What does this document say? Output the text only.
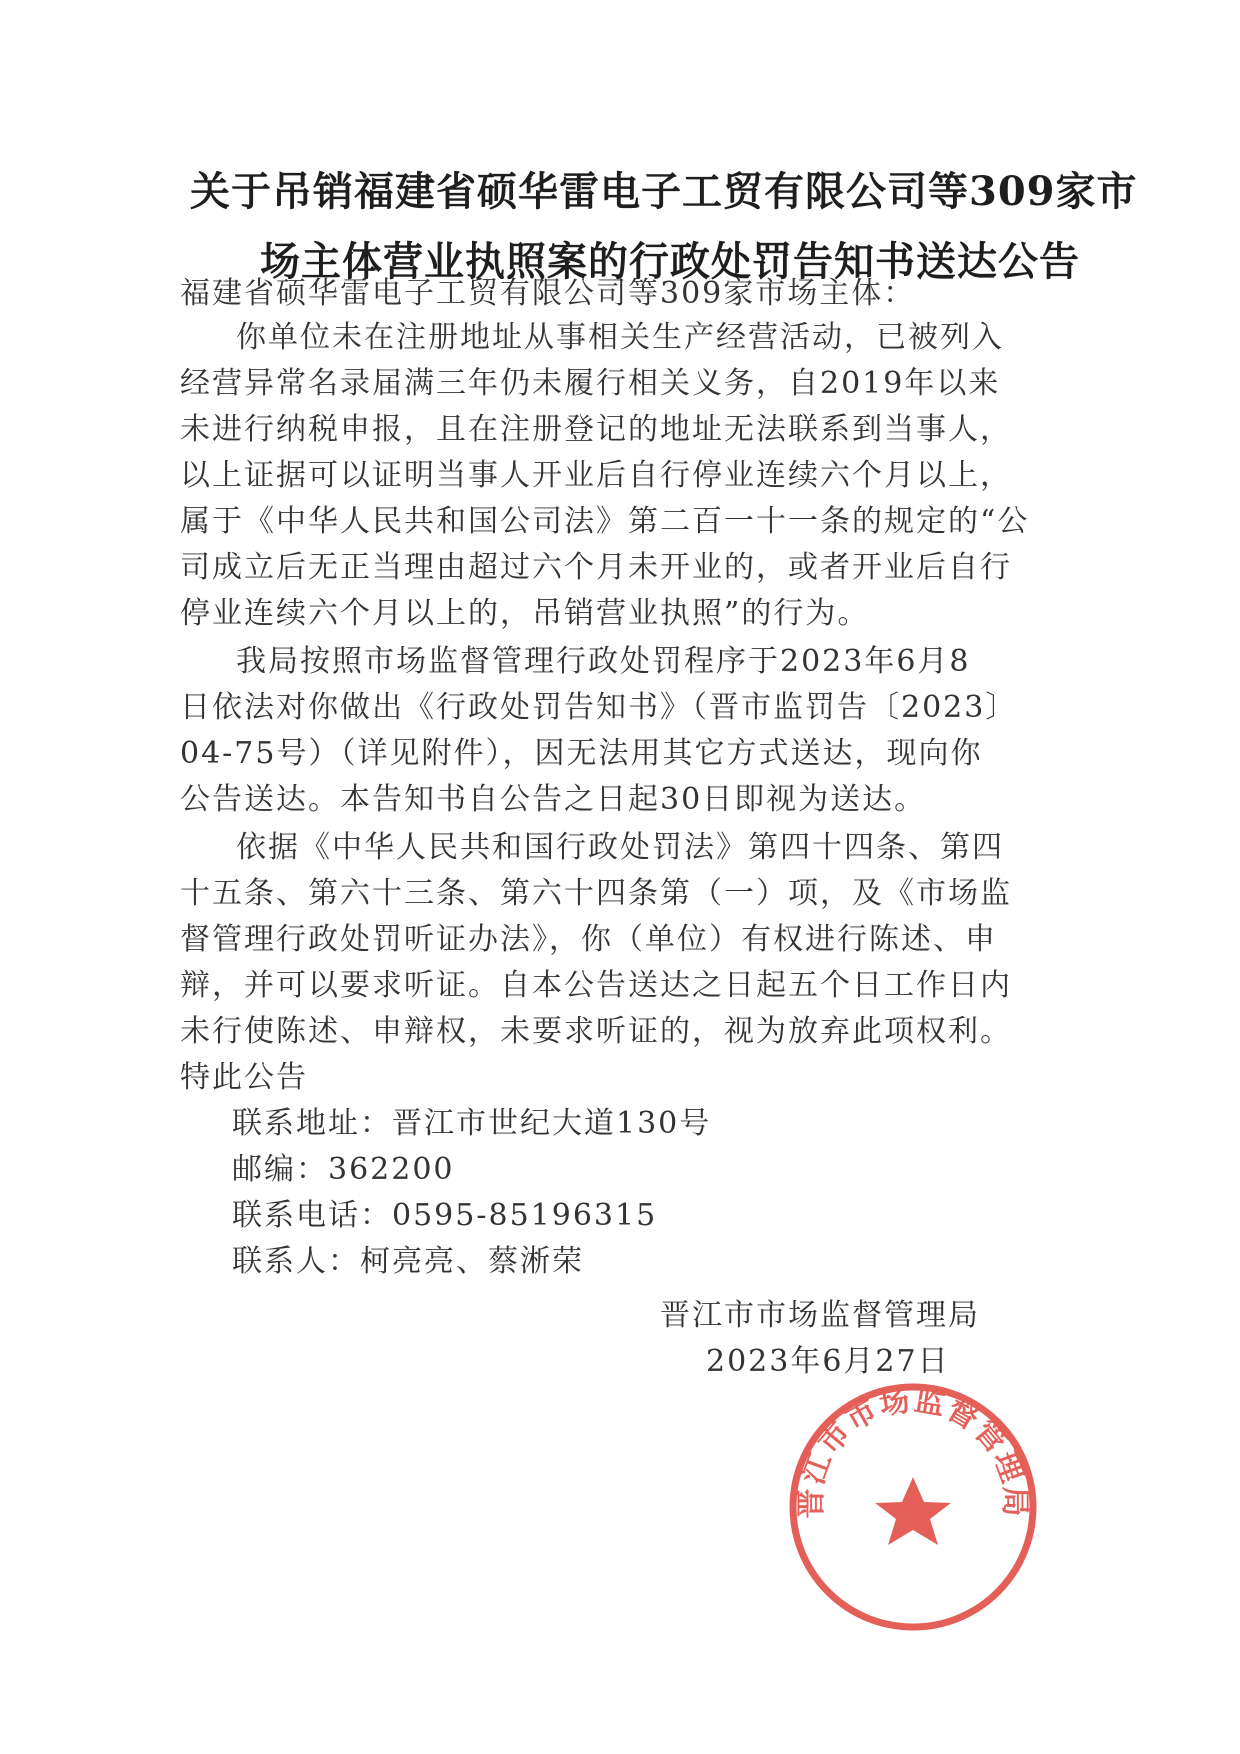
关于吊销福建省硕华雷电子工贸有限公司等309家市
场主体营业执照案的行政处罚告知书送达公告
福建省硕华雷电子工贸有限公司等309家市场主体：
你单位未在注册地址从事相关生产经营活动，已被列入
经营异常名录届满三年仍未履行相关义务，自2019年以来
未进行纳税申报，且在注册登记的地址无法联系到当事人，
以上证据可以证明当事人开业后自行停业连续六个月以上，
属于《中华人民共和国公司法》第二百一十一条的规定的“公
司成立后无正当理由超过六个月未开业的，或者开业后自行
停业连续六个月以上的，吊销营业执照”的行为。
我局按照市场监督管理行政处罚程序于2023年6月8
日依法对你做出《行政处罚告知书》（晋市监罚告〔2023〕
04-75号）（详见附件），因无法用其它方式送达，现向你
公告送达。本告知书自公告之日起30日即视为送达。
依据《中华人民共和国行政处罚法》第四十四条、第四
十五条、第六十三条、第六十四条第（一）项，及《市场监
督管理行政处罚听证办法》，你（单位）有权进行陈述、申
辩，并可以要求听证。自本公告送达之日起五个日工作日内
未行使陈述、申辩权，未要求听证的，视为放弃此项权利。
特此公告
联系地址：晋江市世纪大道130号
邮编：362200
联系电话：0595-85196315
联系人：柯亮亮、蔡淅荣
晋江市市场监督管理局
2023年6月27日
晋江市市场监督管理局
